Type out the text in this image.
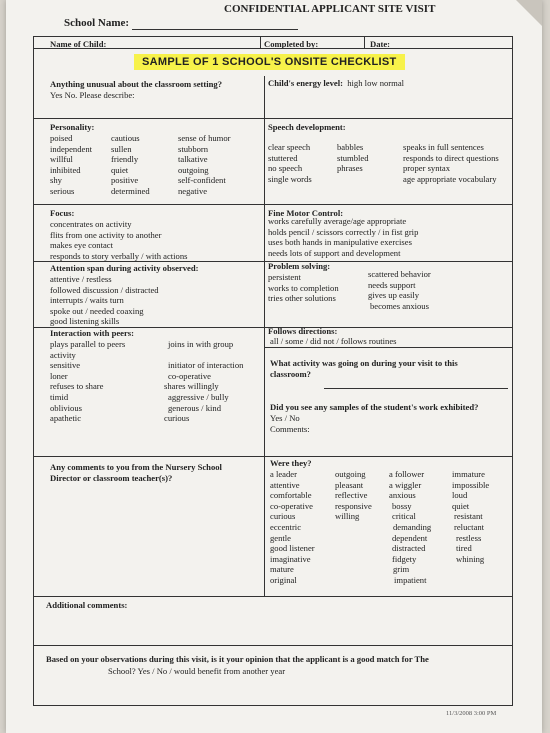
CONFIDENTIAL APPLICANT SITE VISIT
School Name:
Name of Child:	Completed by:	Date:
SAMPLE OF 1 SCHOOL'S ONSITE CHECKLIST
Anything unusual about the classroom setting?
Yes No. Please describe:
Child's energy level: high low normal
Personality:
poised
independent
willful
inhibited
shy
serious
cautious
sullen
friendly
quiet
positive
determined
sense of humor
stubborn
talkative
outgoing
self-confident
negative
Speech development:
clear speech
stuttered
no speech
single words
babbles
stumbled
phrases
speaks in full sentences
responds to direct questions
proper syntax
age appropriate vocabulary
Focus:
concentrates on activity
flits from one activity to another
makes eye contact
responds to story verbally / with actions
Fine Motor Control:
works carefully average/age appropriate
holds pencil / scissors correctly / in fist grip
uses both hands in manipulative exercises
needs lots of support and development
Attention span during activity observed:
attentive / restless
followed discussion / distracted
interrupts / waits turn
spoke out / needed coaxing
good listening skills
Problem solving:
persistent
works to completion
tries other solutions
scattered behavior
needs support
gives up easily
becomes anxious
Interaction with peers:
plays parallel to peers
activity
sensitive
loner
refuses to share
timid
oblivious
apathetic
joins in with group
initiator of interaction
co-operative
shares willingly
aggressive / bully
generous / kind
curious
Follows directions:
all / some / did not / follows routines
What activity was going on during your visit to this
classroom?
Did you see any samples of the student's work exhibited?
Yes / No
Comments:
Any comments to you from the Nursery School
Director or classroom teacher(s)?
Were they?
a leader
attentive
comfortable
co-operative
curious
eccentric
gentle
good listener
imaginative
mature
original
outgoing
pleasant
reflective
responsive
willing
a follower
a wiggler
anxious
bossy
critical
demanding
dependent
distracted
fidgety
grim
impatient
immature
impossible
loud
quiet
resistant
reluctant
restless
tired
whining
Additional comments:
Based on your observations during this visit, is it your opinion that the applicant is a good match for The
School? Yes / No / would benefit from another year
11/3/2008 3:00 PM
